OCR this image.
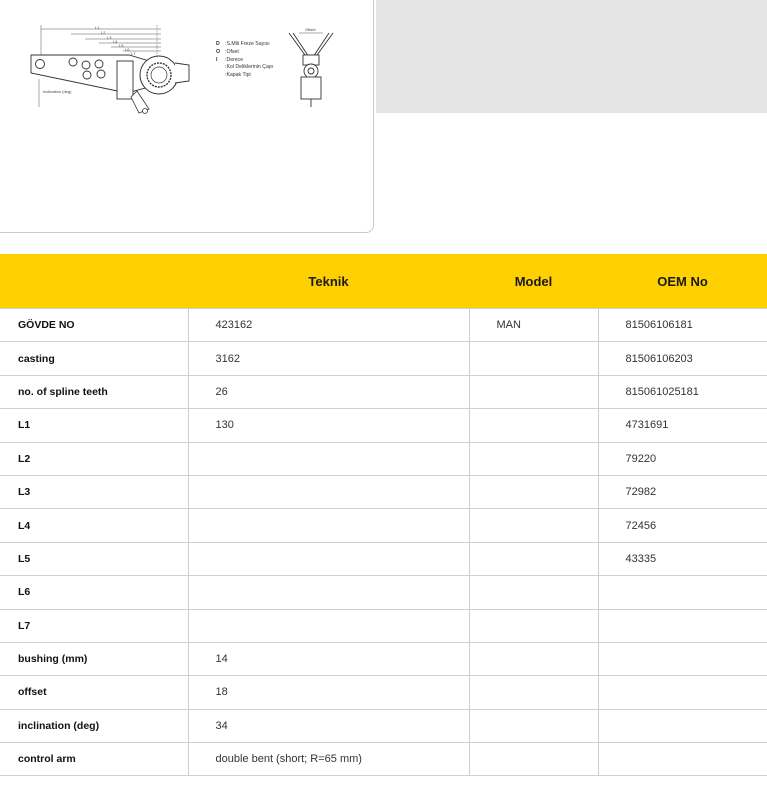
D :S.Mili Freze Sayısı
O :Ofset
I :Derece
:Kol Deliklerinin Çapı
:Kapak Tipi
Inclination (deg)
Offset
L1
L2
L3
L4
L5
L6
L7
	Teknik	Model	OEM No
GÖVDE NO	423162	MAN	81506106181
casting	3162		81506106203
no. of spline teeth	26		815061025181
L1	130		4731691
L2			79220
L3			72982
L4			72456
L5			43335
L6			
L7			
bushing (mm)	14		
offset	18		
inclination (deg)	34		
control arm	double bent (short; R=65 mm)		
